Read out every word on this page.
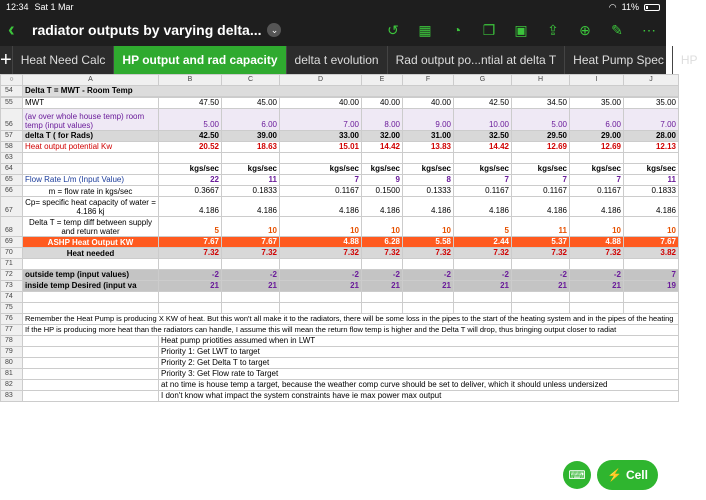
12:34 Sat 1 Mar	◠ 11%
‹	radiator outputs by varying delta...	⌄	↺ ▦	◔	❐ ▣ ⇪ ⊕ ✎ ⋯
+ Heat Need Calc	HP output and rad capacity	delta t evolution	Rad output po...ntial at delta T	Heat Pump Spec	HP
○	A	B	C	D	E	F	G	H	I	J
54	Delta T = MWT - Room Temp									
55	MWT	47.50	45.00	40.00	40.00	40.00	42.50	34.50	35.00	35.00
56	(av over whole house temp) room temp (input values)	5.00	6.00	7.00	8.00	9.00	10.00	5.00	6.00	7.00
57	delta T ( for Rads)	42.50	39.00	33.00	32.00	31.00	32.50	29.50	29.00	28.00
58	Heat output potential Kw	20.52	18.63	15.01	14.42	13.83	14.42	12.69	12.69	12.13
63										
64		kgs/sec	kgs/sec	kgs/sec	kgs/sec	kgs/sec	kgs/sec	kgs/sec	kgs/sec	kgs/sec
65	Flow Rate L/m (Input Value)	22	11	7	9	8	7	7	7	11
66	m = flow rate in kgs/sec	0.3667	0.1833	0.1167	0.1500	0.1333	0.1167	0.1167	0.1167	0.1833
67	Cp= specific heat capacity of water = 4.186 kj	4.186	4.186	4.186	4.186	4.186	4.186	4.186	4.186	4.186
68	Delta T = temp diff between supply and return water	5	10	10	10	10	5	11	10	10
69	ASHP Heat Output KW	7.67	7.67	4.88	6.28	5.58	2.44	5.37	4.88	7.67
70	Heat needed	7.32	7.32	7.32	7.32	7.32	7.32	7.32	7.32	3.82
71										
72	outside temp (input values)	-2	-2	-2	-2	-2	-2	-2	-2	7
73	inside temp Desired (input va	21	21	21	21	21	21	21	21	19
74										
75										
76	Remember the Heat Pump is producing X KW of heat. But this won't all make it to the radiators, there will be some loss in the pipes to the start of the heating system and in the pipes of the heating									
77	If the HP is producing more heat than the radiators can handle, I assume this will mean the return flow temp is higher and the Delta T will drop, thus bringing output closer to radiat									
78		Heat pump priotities assumed when in LWT								
79		Priority 1: Get LWT to target								
80		Priority 2: Get Delta T to target								
81		Priority 3: Get Flow rate to Target								
82		at no time is house temp a target, because the weather comp curve should be set to deliver, which it should unless undersized								
83		I don't know what impact the system constraints have ie max power max output								
⌨ ⚡ Cell
